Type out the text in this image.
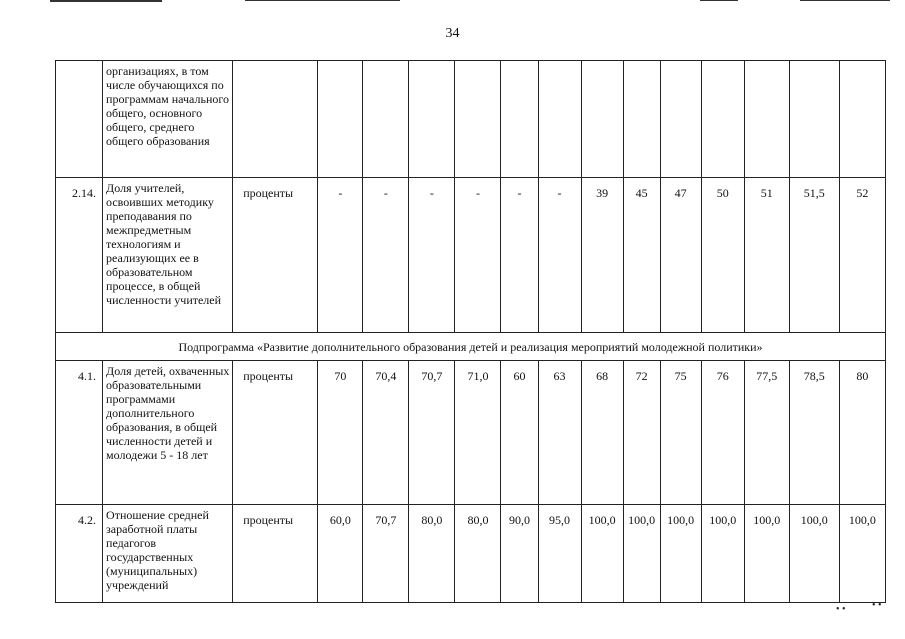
34
	организациях, в том числе обучающихся по программам начального общего, основного общего, среднего общего образования														
2.14.	Доля учителей, освоивших методику преподавания по межпредметным технологиям и реализующих ее в образовательном процессе, в общей численности учителей	проценты	-	-	-	-	-	-	39	45	47	50	51	51,5	52
Подпрограмма «Развитие дополнительного образования детей и реализация мероприятий молодежной политики»															
4.1.	Доля детей, охваченных образовательными программами дополнительного образования, в общей численности детей и молодежи 5 - 18 лет	проценты	70	70,4	70,7	71,0	60	63	68	72	75	76	77,5	78,5	80
4.2.	Отношение средней заработной платы педагогов государственных (муниципальных) учреждений	проценты	60,0	70,7	80,0	80,0	90,0	95,0	100,0	100,0	100,0	100,0	100,0	100,0	100,0
• •	• •
